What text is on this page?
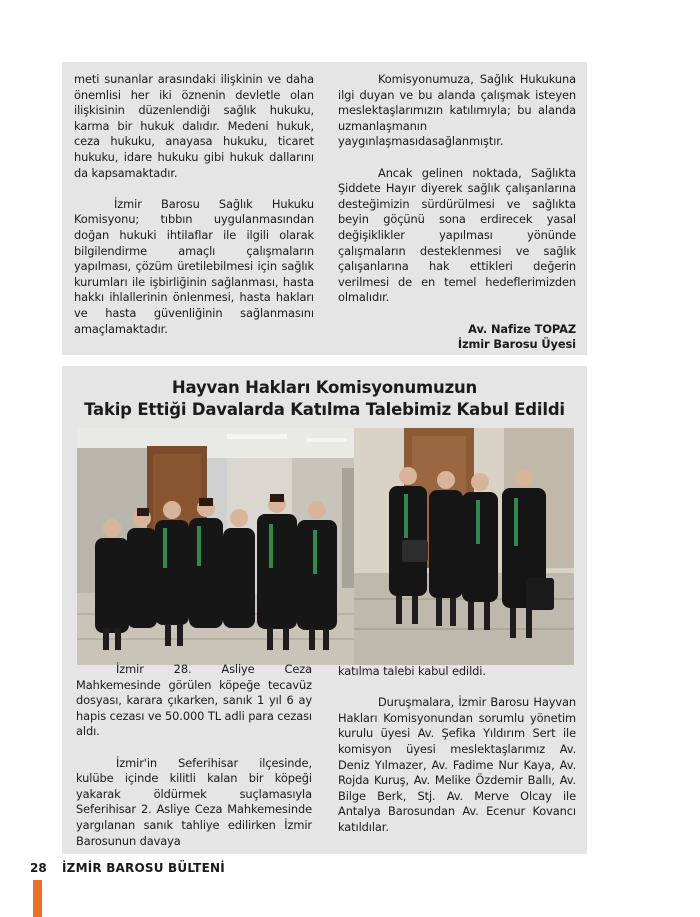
meti sunanlar arasındaki ilişkinin ve daha önemlisi her iki öznenin devletle olan ilişkisinin düzenlendiği sağlık hukuku, karma bir hukuk dalıdır. Medeni hukuk, ceza hukuku, anayasa hukuku, ticaret hukuku, idare hukuku gibi hukuk dallarını da kapsamaktadır.

İzmir Barosu Sağlık Hukuku Komisyonu; tıbbın uygulanmasından doğan hukuki ihtilaflar ile ilgili olarak bilgilendirme amaçlı çalışmaların yapılması, çözüm üretilebilmesi için sağlık kurumları ile işbirliğinin sağlanması, hasta hakkı ihlallerinin önlenmesi, hasta hakları ve hasta güvenliğinin sağlanmasını amaçlamaktadır.

Komisyonumuza, Sağlık Hukukuna ilgi duyan ve bu alanda çalışmak isteyen meslektaşlarımızın katılımıyla; bu alanda uzmanlaşmanın yaygınlaşmasıdasağlanmıştır.

Ancak gelinen noktada, Sağlıkta Şiddete Hayır diyerek sağlık çalışanlarına desteğimizin sürdürülmesi ve sağlıkta beyin göçünü sona erdirecek yasal değişiklikler yapılması yönünde çalışmaların desteklenmesi ve sağlık çalışanlarına hak ettikleri değerin verilmesi de en temel hedeflerimizden olmalıdır.

Av. Nafize TOPAZ
İzmir Barosu Üyesi
Hayvan Hakları Komisyonumuzun
Takip Ettiği Davalarda Katılma Talebimiz Kabul Edildi

İzmir 28. Asliye Ceza Mahkemesinde görülen köpeğe tecavüz dosyası, karara çıkarken, sanık 1 yıl 6 ay hapis cezası ve 50.000 TL adli para cezası aldı.

İzmir'in Seferihisar ilçesinde, kulübe içinde kilitli kalan bir köpeği yakarak öldürmek suçlamasıyla Seferihisar 2. Asliye Ceza Mahkemesinde yargılanan sanık tahliye edilirken İzmir Barosunun davaya

katılma talebi kabul edildi.

Duruşmalara, İzmir Barosu Hayvan Hakları Komisyonundan sorumlu yönetim kurulu üyesi Av. Şefika Yıldırım Sert ile komisyon üyesi meslektaşlarımız Av. Deniz Yılmazer, Av. Fadime Nur Kaya, Av. Rojda Kuruş, Av. Melike Özdemir Ballı, Av. Bilge Berk, Stj. Av. Merve Olcay ile Antalya Barosundan Av. Ecenur Kovancı katıldılar.

28 İZMİR BAROSU BÜLTENİ
